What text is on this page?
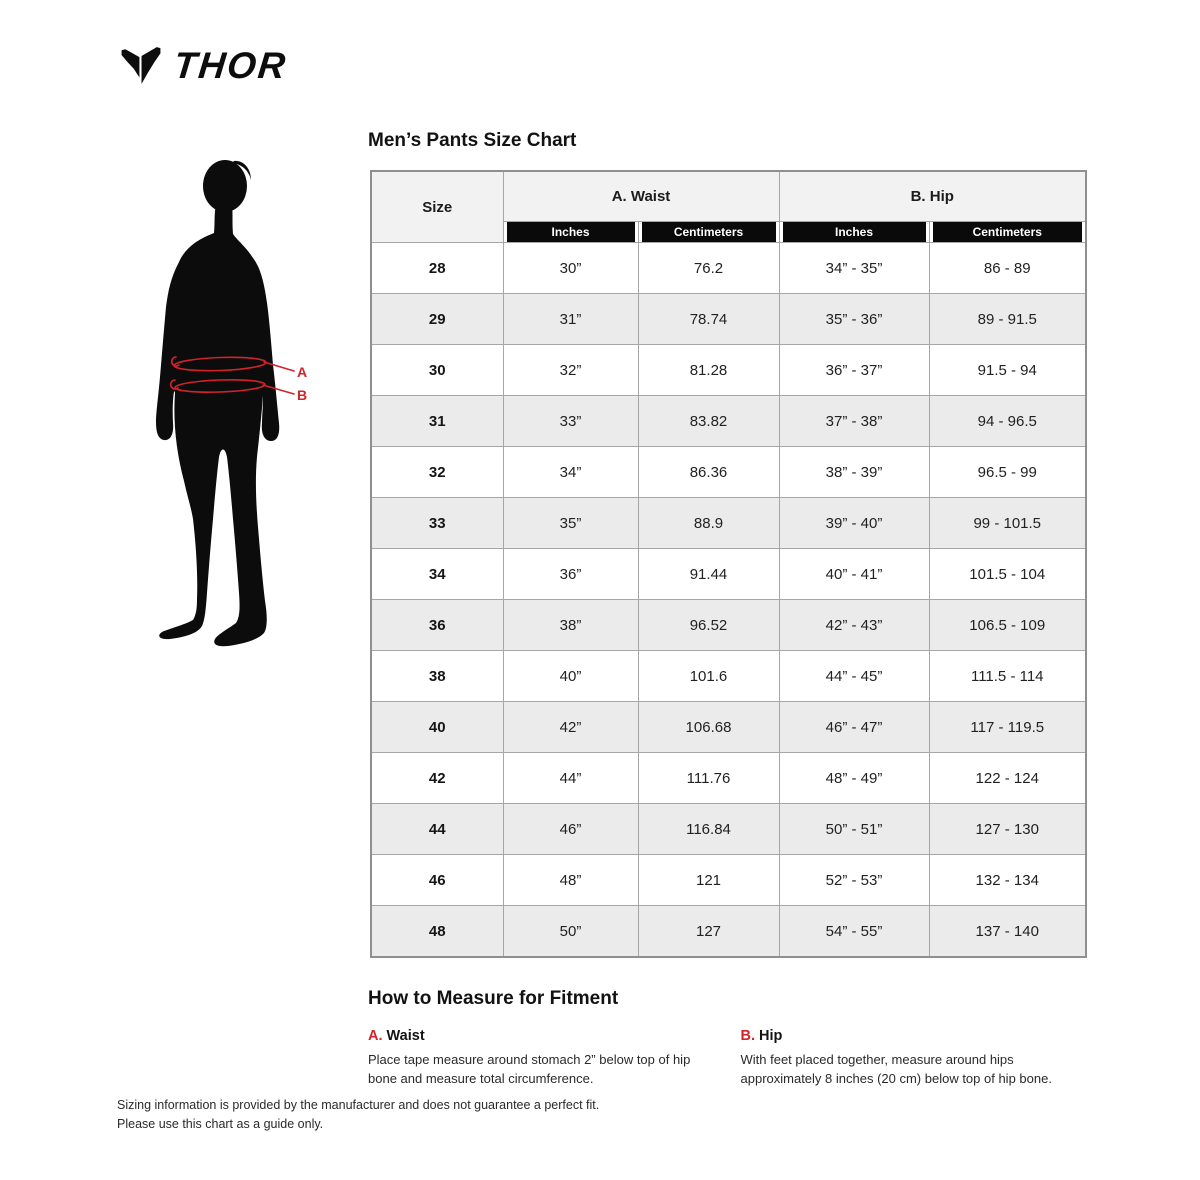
THOR
A
B
Men’s Pants Size Chart
Size	A. Waist		B. Hip	

	Inches	Centimeters	Inches	Centimeters

28	30”	76.2	34” - 35”	86 - 89
29	31”	78.74	35” - 36”	89 - 91.5
30	32”	81.28	36” - 37”	91.5 - 94
31	33”	83.82	37” - 38”	94 - 96.5
32	34”	86.36	38” - 39”	96.5 - 99
33	35”	88.9	39” - 40”	99 - 101.5
34	36”	91.44	40” - 41”	101.5 - 104
36	38”	96.52	42” - 43”	106.5 - 109
38	40”	101.6	44” - 45”	111.5 - 114
40	42”	106.68	46” - 47”	117 - 119.5
42	44”	111.76	48” - 49”	122 - 124
44	46”	116.84	50” - 51”	127 - 130
46	48”	121	52” - 53”	132 - 134
48	50”	127	54” - 55”	137 - 140
How to Measure for Fitment
A. Waist
Place tape measure around stomach 2” below top of hip bone and measure total circumference.
B. Hip
With feet placed together, measure around hips approximately 8 inches (20 cm) below top of hip bone.
Sizing information is provided by the manufacturer and does not guarantee a perfect fit.
Please use this chart as a guide only.
